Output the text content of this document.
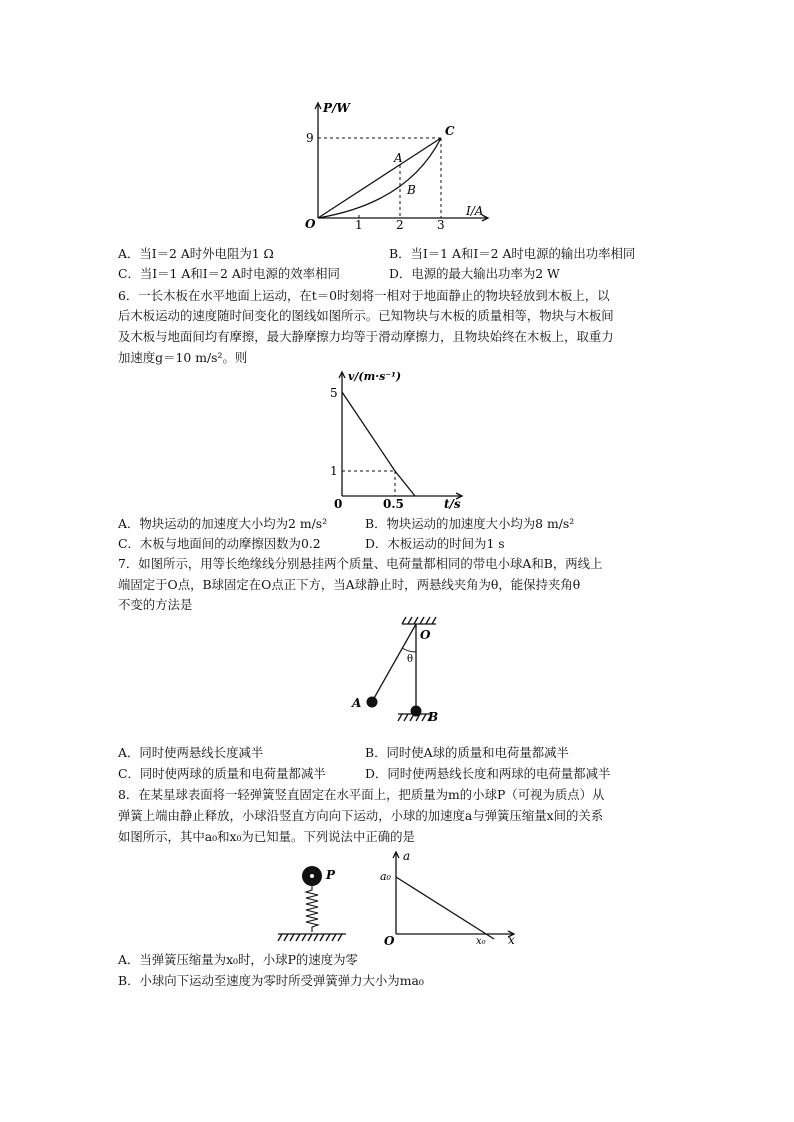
P/W
9
O	1	2	3
I/A
A
B
C
A．当I＝2 A时外电阻为1 Ω	B．当I＝1 A和I＝2 A时电源的输出功率相同
C．当I＝1 A和I＝2 A时电源的效率相同	D．电源的最大输出功率为2 W
6．一长木板在水平地面上运动，在t＝0时刻将一相对于地面静止的物块轻放到木板上，以
后木板运动的速度随时间变化的图线如图所示。已知物块与木板的质量相等，物块与木板间
及木板与地面间均有摩擦，最大静摩擦力均等于滑动摩擦力，且物块始终在木板上，取重力
加速度g＝10 m/s²。则
v/(m·s⁻¹)
5
1
0	0.5	t/s
A．物块运动的加速度大小均为2 m/s²	B．物块运动的加速度大小均为8 m/s²
C．木板与地面间的动摩擦因数为0.2	D．木板运动的时间为1 s
7．如图所示，用等长绝缘线分别悬挂两个质量、电荷量都相同的带电小球A和B，两线上
端固定于O点，B球固定在O点正下方，当A球静止时，两悬线夹角为θ，能保持夹角θ
不变的方法是
O
θ
A
B
A．同时使两悬线长度减半	B．同时使A球的质量和电荷量都减半
C．同时使两球的质量和电荷量都减半	D．同时使两悬线长度和两球的电荷量都减半
8．在某星球表面将一轻弹簧竖直固定在水平面上，把质量为m的小球P（可视为质点）从
弹簧上端由静止释放，小球沿竖直方向向下运动，小球的加速度a与弹簧压缩量x间的关系
如图所示，其中a₀和x₀为已知量。下列说法中正确的是
P
a
a₀
O	x₀ x
A．当弹簧压缩量为x₀时，小球P的速度为零
B．小球向下运动至速度为零时所受弹簧弹力大小为ma₀
